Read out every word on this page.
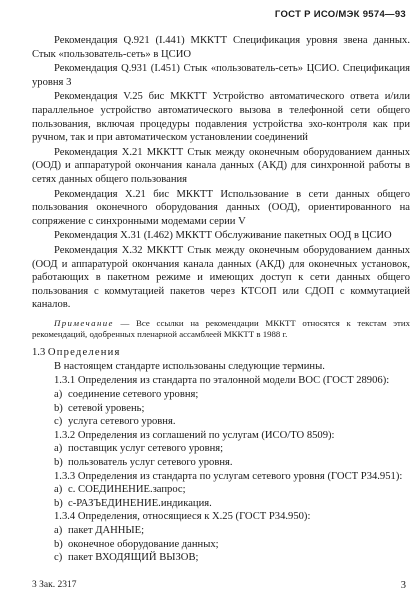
ГОСТ Р ИСО/МЭК 9574—93

Рекомендация Q.921 (I.441) МККТТ Спецификация уровня звена данных. Стык «пользователь-сеть» в ЦСИО

Рекомендация Q.931 (I.451) Стык «пользователь-сеть» ЦСИО. Спецификация уровня 3

Рекомендация V.25 бис МККТТ Устройство автоматического ответа и/или параллельное устройство автоматического вызова в телефонной сети общего пользования, включая процедуры подавления устройства эхо-контроля как при ручном, так и при автоматическом установлении соединений

Рекомендация X.21 МККТТ Стык между оконечным оборудованием данных (ООД) и аппаратурой окончания канала данных (АКД) для синхронной работы в сетях данных общего пользования

Рекомендация X.21 бис МККТТ Использование в сети данных общего пользования оконечного оборудования данных (ООД), ориентированного на сопряжение с синхронными модемами серии V

Рекомендация X.31 (I.462) МККТТ Обслуживание пакетных ООД в ЦСИО

Рекомендация X.32 МККТТ Стык между оконечным оборудованием данных (ООД и аппаратурой окончания канала данных (АКД) для оконечных установок, работающих в пакетном режиме и имеющих доступ к сети данных общего пользования с коммутацией пакетов через КТСОП или СДОП с коммутацией каналов.

Примечание — Все ссылки на рекомендации МККТТ относятся к текстам этих рекомендаций, одобренных пленарной ассамблеей МККТТ в 1988 г.

1.3 Определения

В настоящем стандарте использованы следующие термины.

1.3.1 Определения из стандарта по эталонной модели ВОС (ГОСТ 28906):

a) соединение сетевого уровня;

b) сетевой уровень;

c) услуга сетевого уровня.

1.3.2 Определения из соглашений по услугам (ИСО/ТО 8509):

a) поставщик услуг сетевого уровня;

b) пользователь услуг сетевого уровня.

1.3.3 Определения из стандарта по услугам сетевого уровня (ГОСТ Р34.951):

a) с. СОЕДИНЕНИЕ.запрос;

b) с-РАЗЪЕДИНЕНИЕ.индикация.

1.3.4 Определения, относящиеся к X.25 (ГОСТ Р34.950):

a) пакет ДАННЫЕ;

b) оконечное оборудование данных;

c) пакет ВХОДЯЩИЙ ВЫЗОВ;

3 Зак. 2317	3
